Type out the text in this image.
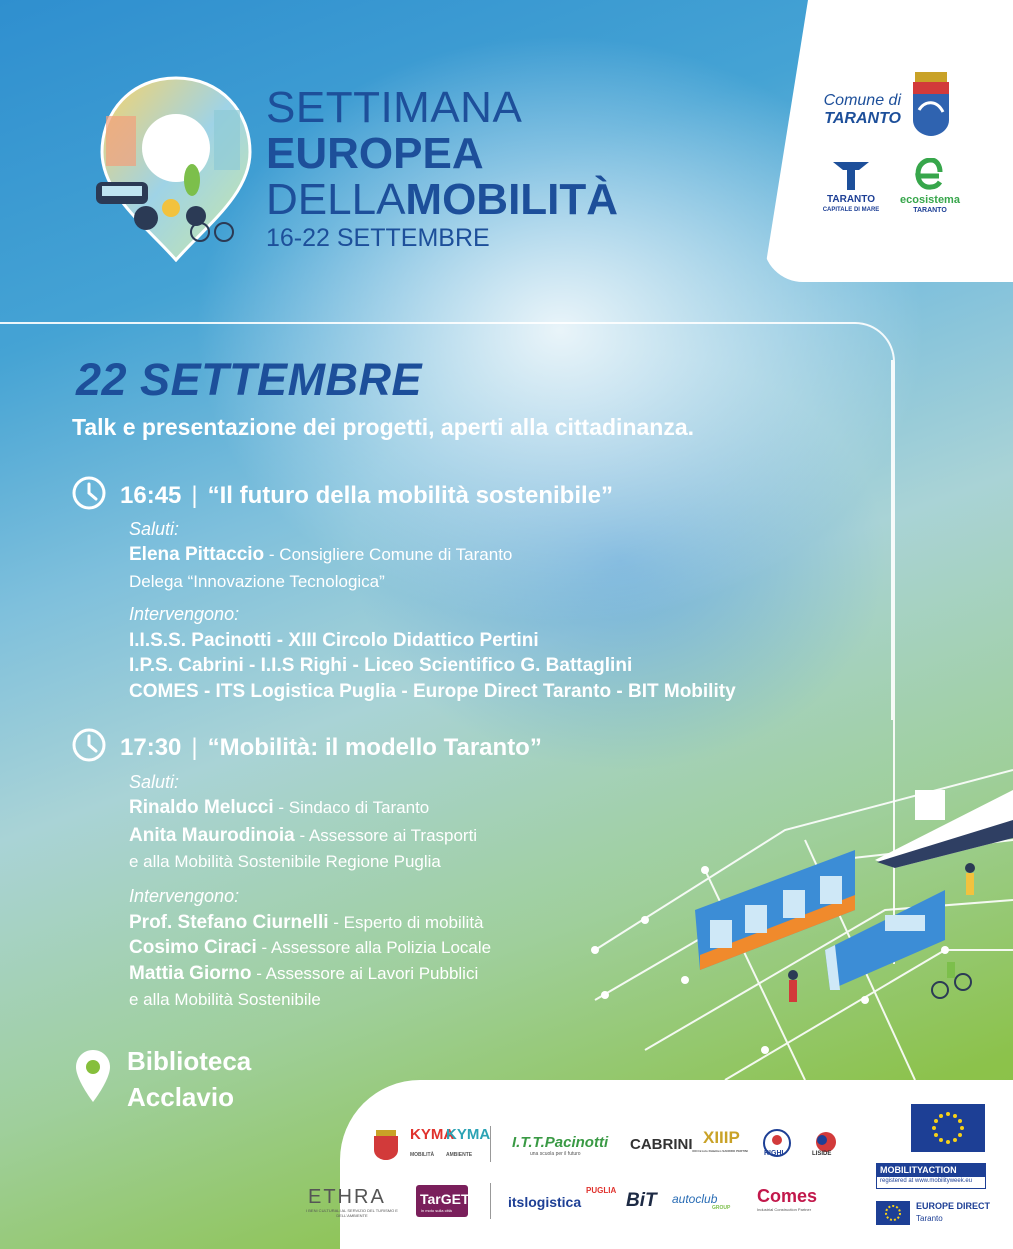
SETTIMANA
EUROPEA
DELLAMOBILITÀ
16-22 SETTEMBRE
Comune di
TARANTO
TARANTO
CAPITALE DI MARE
ecosistema
TARANTO
22 SETTEMBRE
Talk e presentazione dei progetti, aperti alla cittadinanza.
16:45 | “Il futuro della mobilità sostenibile”
Saluti:
Elena Pittaccio - Consigliere Comune di Taranto
Delega “Innovazione Tecnologica”
Intervengono:
I.I.S.S. Pacinotti - XIII Circolo Didattico Pertini
I.P.S. Cabrini - I.I.S Righi - Liceo Scientifico G. Battaglini
COMES - ITS Logistica Puglia - Europe Direct Taranto - BIT Mobility
17:30 | “Mobilità: il modello Taranto”
Saluti:
Rinaldo Melucci - Sindaco di Taranto
Anita Maurodinoia - Assessore ai Trasporti
e alla Mobilità Sostenibile Regione Puglia
Intervengono:
Prof. Stefano Ciurnelli - Esperto di mobilità
Cosimo Ciraci - Assessore alla Polizia Locale
Mattia Giorno - Assessore ai Lavori Pubblici
e alla Mobilità Sostenibile
Biblioteca
Acclavio
KYMA
MOBILITÀ
KYMA
AMBIENTE
I.T.T.Pacinotti
una scuola per il futuro
CABRINI XIIIP
XIII Circolo Didattico SANDRO PERTINI RIGHI	LISIDE
ETHRA
I BENI CULTURALI AL SERVIZIO DEL TURISMO E DELL'AMBIENTE
TarGET
in moto sulla città
itslogistica
PUGLIA BiT autoclub
GROUP
Comes
Industrial Construction Partner
MOBILITYACTION
registered at www.mobilityweek.eu
EUROPE DIRECT
Taranto
